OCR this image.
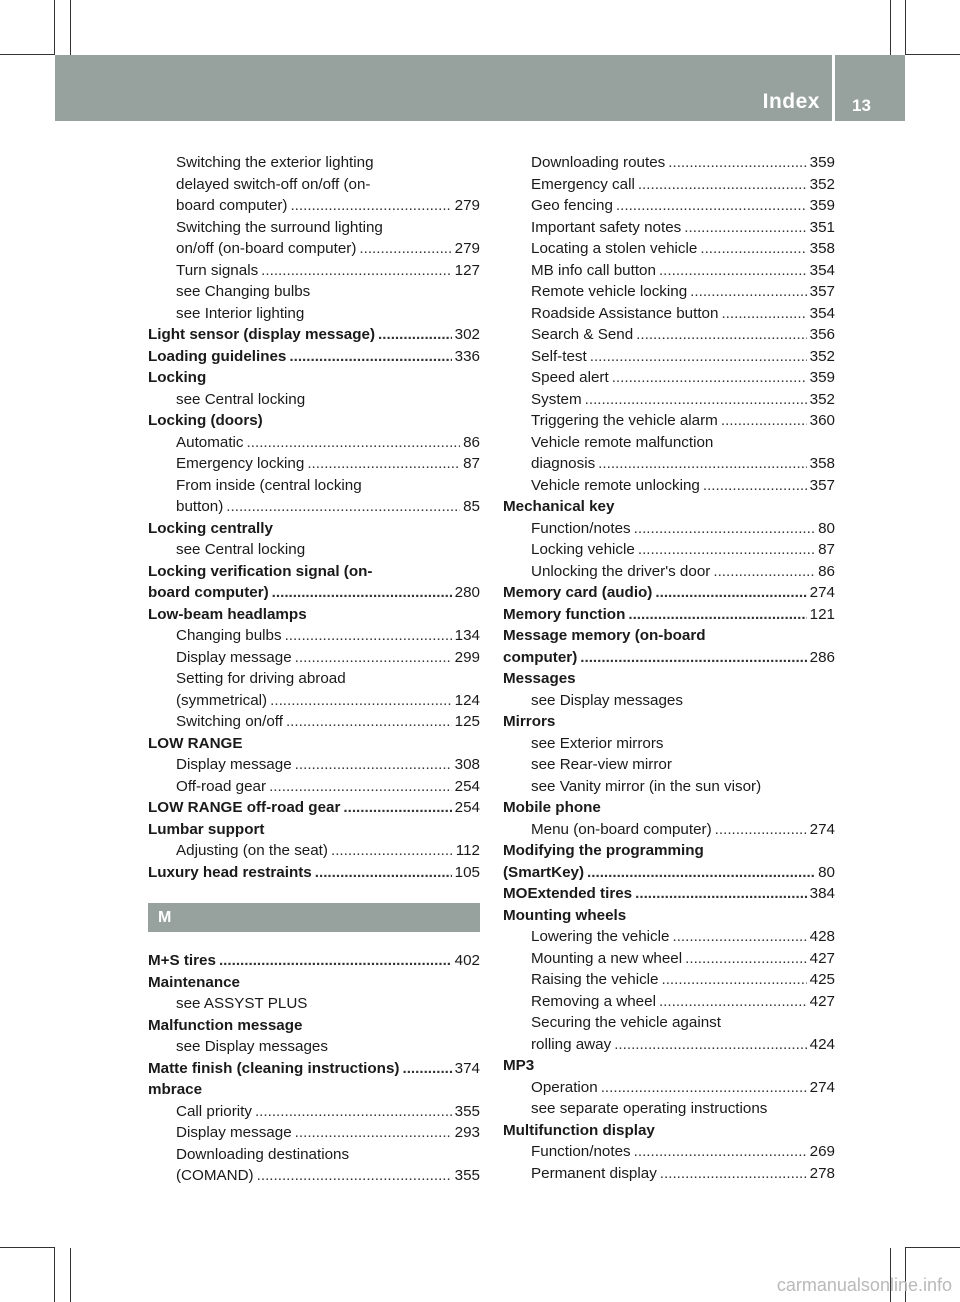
Index 13
Switching the exterior lighting
delayed switch-off on/off (on-
board computer) .....	279
Switching the surround lighting
on/off (on-board computer) .....	279
Turn signals .....	127
see Changing bulbs
see Interior lighting
Light sensor (display message) .....	302
Loading guidelines .....	336
Locking
see Central locking
Locking (doors)
Automatic .....	86
Emergency locking .....	87
From inside (central locking
button) .....	85
Locking centrally
see Central locking
Locking verification signal (on-
board computer) .....	280
Low-beam headlamps
Changing bulbs .....	134
Display message .....	299
Setting for driving abroad
(symmetrical) .....	124
Switching on/off .....	125
LOW RANGE
Display message .....	308
Off-road gear .....	254
LOW RANGE off-road gear .....	254
Lumbar support
Adjusting (on the seat) .....	112
Luxury head restraints .....	105
M
M+S tires .....	402
Maintenance
see ASSYST PLUS
Malfunction message
see Display messages
Matte finish (cleaning instructions) .....	374
mbrace
Call priority .....	355
Display message .....	293
Downloading destinations
(COMAND) .....	355
Downloading routes .....	359
Emergency call .....	352
Geo fencing .....	359
Important safety notes .....	351
Locating a stolen vehicle .....	358
MB info call button .....	354
Remote vehicle locking .....	357
Roadside Assistance button .....	354
Search & Send .....	356
Self-test .....	352
Speed alert .....	359
System .....	352
Triggering the vehicle alarm .....	360
Vehicle remote malfunction
diagnosis .....	358
Vehicle remote unlocking .....	357
Mechanical key
Function/notes .....	80
Locking vehicle .....	87
Unlocking the driver's door .....	86
Memory card (audio) .....	274
Memory function .....	121
Message memory (on-board
computer) .....	286
Messages
see Display messages
Mirrors
see Exterior mirrors
see Rear-view mirror
see Vanity mirror (in the sun visor)
Mobile phone
Menu (on-board computer) .....	274
Modifying the programming
(SmartKey) .....	80
MOExtended tires .....	384
Mounting wheels
Lowering the vehicle .....	428
Mounting a new wheel .....	427
Raising the vehicle .....	425
Removing a wheel .....	427
Securing the vehicle against
rolling away .....	424
MP3
Operation .....	274
see separate operating instructions
Multifunction display
Function/notes .....	269
Permanent display .....	278
carmanualsonline.info
